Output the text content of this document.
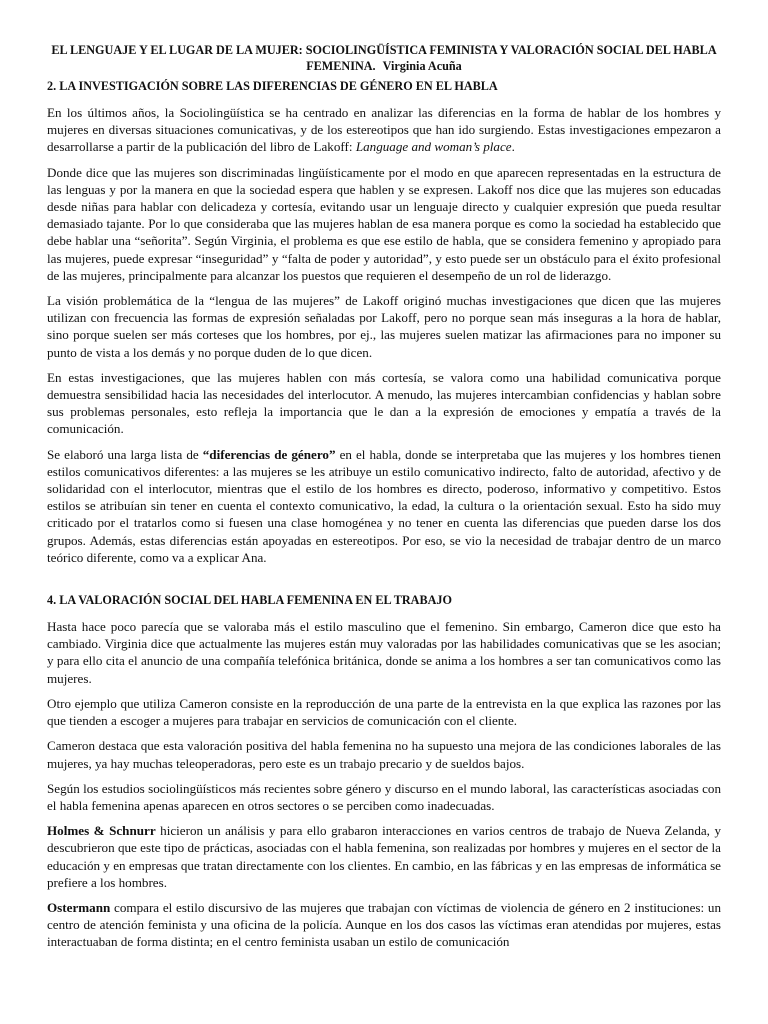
EL LENGUAJE Y EL LUGAR DE LA MUJER: SOCIOLINGÜÍSTICA FEMINISTA Y VALORACIÓN SOCIAL DEL HABLA FEMENINA. Virginia Acuña
2. LA INVESTIGACIÓN SOBRE LAS DIFERENCIAS DE GÉNERO EN EL HABLA

En los últimos años, la Sociolingüística se ha centrado en analizar las diferencias en la forma de hablar de los hombres y mujeres en diversas situaciones comunicativas, y de los estereotipos que han ido surgiendo. Estas investigaciones empezaron a desarrollarse a partir de la publicación del libro de Lakoff: Language and woman’s place.

Donde dice que las mujeres son discriminadas lingüísticamente por el modo en que aparecen representadas en la estructura de las lenguas y por la manera en que la sociedad espera que hablen y se expresen. Lakoff nos dice que las mujeres son educadas desde niñas para hablar con delicadeza y cortesía, evitando usar un lenguaje directo y cualquier expresión que pueda resultar demasiado tajante. Por lo que consideraba que las mujeres hablan de esa manera porque es como la sociedad ha establecido que debe hablar una “señorita”. Según Virginia, el problema es que ese estilo de habla, que se considera femenino y apropiado para las mujeres, puede expresar “inseguridad” y “falta de poder y autoridad”, y esto puede ser un obstáculo para el éxito profesional de las mujeres, principalmente para alcanzar los puestos que requieren el desempeño de un rol de liderazgo.

La visión problemática de la “lengua de las mujeres” de Lakoff originó muchas investigaciones que dicen que las mujeres utilizan con frecuencia las formas de expresión señaladas por Lakoff, pero no porque sean más inseguras a la hora de hablar, sino porque suelen ser más corteses que los hombres, por ej., las mujeres suelen matizar las afirmaciones para no imponer su punto de vista a los demás y no porque duden de lo que dicen.

En estas investigaciones, que las mujeres hablen con más cortesía, se valora como una habilidad comunicativa porque demuestra sensibilidad hacia las necesidades del interlocutor. A menudo, las mujeres intercambian confidencias y hablan sobre sus problemas personales, esto refleja la importancia que le dan a la expresión de emociones y empatía a través de la comunicación.

Se elaboró una larga lista de “diferencias de género” en el habla, donde se interpretaba que las mujeres y los hombres tienen estilos comunicativos diferentes: a las mujeres se les atribuye un estilo comunicativo indirecto, falto de autoridad, afectivo y de solidaridad con el interlocutor, mientras que el estilo de los hombres es directo, poderoso, informativo y competitivo. Estos estilos se atribuían sin tener en cuenta el contexto comunicativo, la edad, la cultura o la orientación sexual. Esto ha sido muy criticado por el tratarlos como si fuesen una clase homogénea y no tener en cuenta las diferencias que pueden darse los dos grupos. Además, estas diferencias están apoyadas en estereotipos. Por eso, se vio la necesidad de trabajar dentro de un marco teórico diferente, como va a explicar Ana.

4. LA VALORACIÓN SOCIAL DEL HABLA FEMENINA EN EL TRABAJO

Hasta hace poco parecía que se valoraba más el estilo masculino que el femenino. Sin embargo, Cameron dice que esto ha cambiado. Virginia dice que actualmente las mujeres están muy valoradas por las habilidades comunicativas que se les asocian; y para ello cita el anuncio de una compañía telefónica británica, donde se anima a los hombres a ser tan comunicativos como las mujeres.

Otro ejemplo que utiliza Cameron consiste en la reproducción de una parte de la entrevista en la que explica las razones por las que tienden a escoger a mujeres para trabajar en servicios de comunicación con el cliente.

Cameron destaca que esta valoración positiva del habla femenina no ha supuesto una mejora de las condiciones laborales de las mujeres, ya hay muchas teleoperadoras, pero este es un trabajo precario y de sueldos bajos.

Según los estudios sociolingüísticos más recientes sobre género y discurso en el mundo laboral, las características asociadas con el habla femenina apenas aparecen en otros sectores o se perciben como inadecuadas.

Holmes & Schnurr hicieron un análisis y para ello grabaron interacciones en varios centros de trabajo de Nueva Zelanda, y descubrieron que este tipo de prácticas, asociadas con el habla femenina, son realizadas por hombres y mujeres en el sector de la educación y en empresas que tratan directamente con los clientes. En cambio, en las fábricas y en las empresas de informática se prefiere a los hombres.

Ostermann compara el estilo discursivo de las mujeres que trabajan con víctimas de violencia de género en 2 instituciones: un centro de atención feminista y una oficina de la policía. Aunque en los dos casos las víctimas eran atendidas por mujeres, estas interactuaban de forma distinta; en el centro feminista usaban un estilo de comunicación
